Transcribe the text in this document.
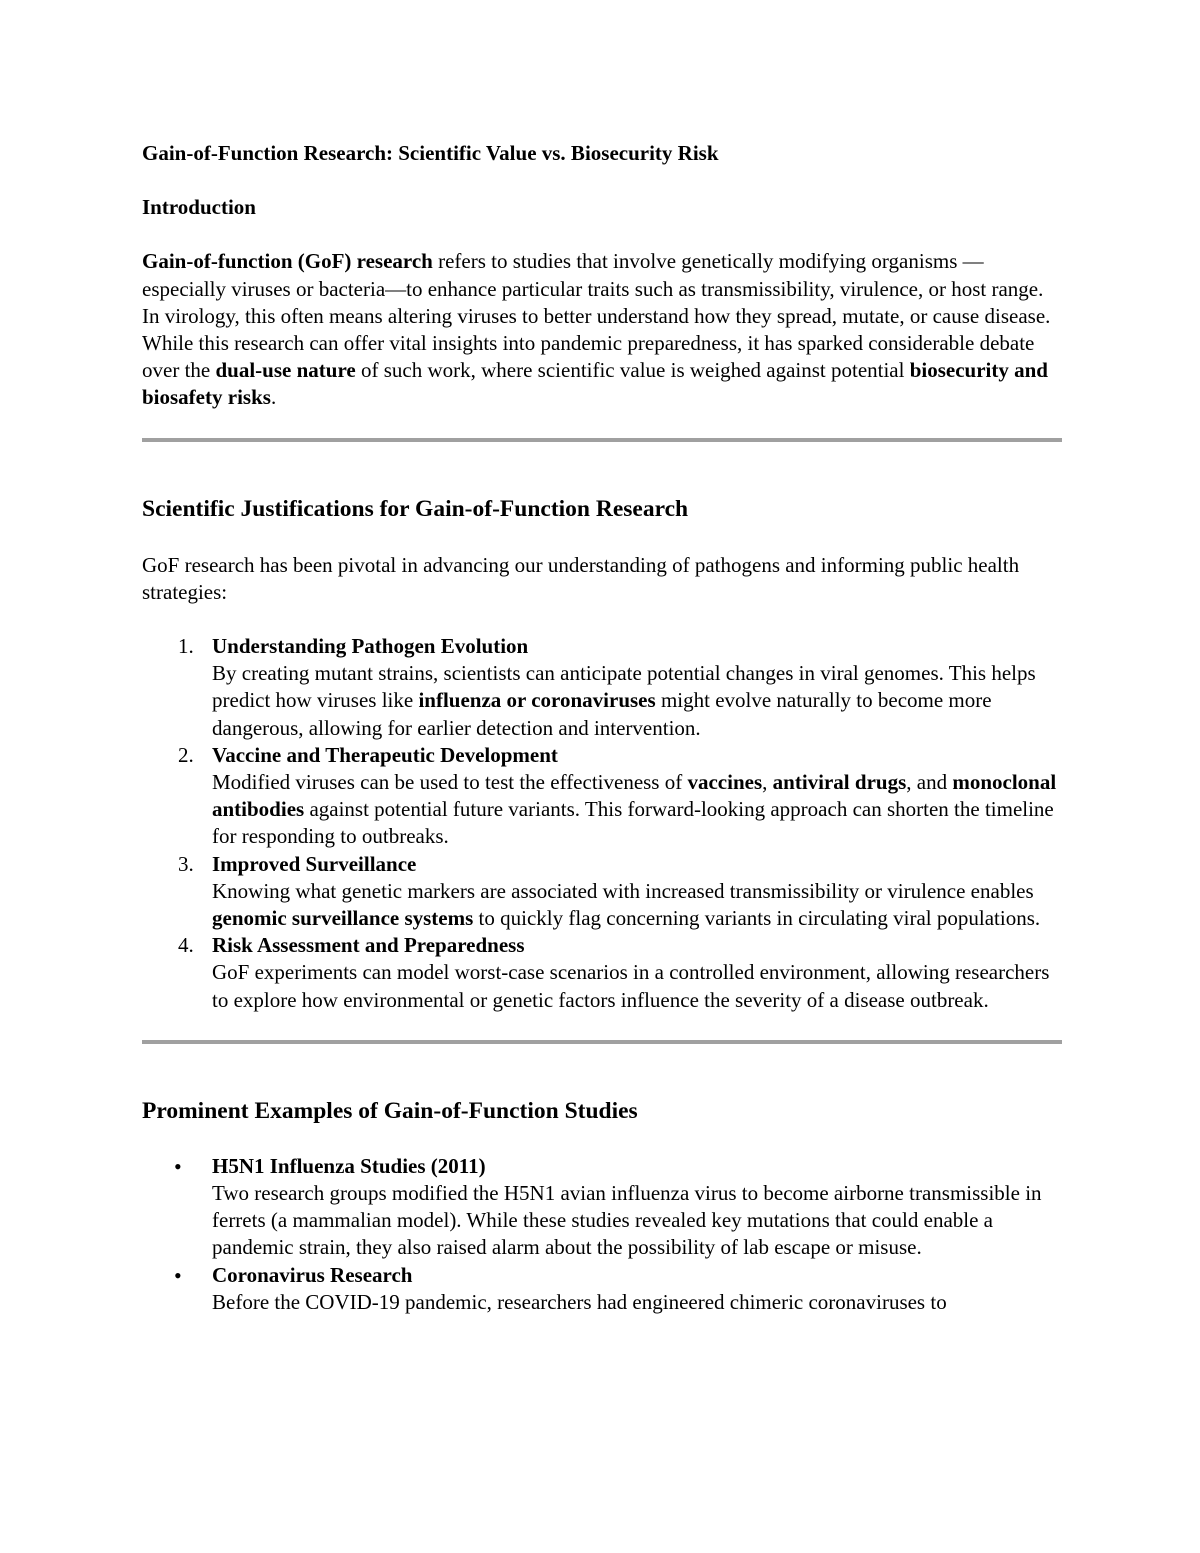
Gain-of-Function Research: Scientific Value vs. Biosecurity Risk

Introduction

Gain-of-function (GoF) research refers to studies that involve genetically modifying organisms —especially viruses or bacteria—to enhance particular traits such as transmissibility, virulence, or host range. In virology, this often means altering viruses to better understand how they spread, mutate, or cause disease. While this research can offer vital insights into pandemic preparedness, it has sparked considerable debate over the dual-use nature of such work, where scientific value is weighed against potential biosecurity and biosafety risks.

Scientific Justifications for Gain-of-Function Research

GoF research has been pivotal in advancing our understanding of pathogens and informing public health strategies:

1. Understanding Pathogen Evolution
By creating mutant strains, scientists can anticipate potential changes in viral genomes. This helps predict how viruses like influenza or coronaviruses might evolve naturally to become more dangerous, allowing for earlier detection and intervention.
2. Vaccine and Therapeutic Development
Modified viruses can be used to test the effectiveness of vaccines, antiviral drugs, and monoclonal antibodies against potential future variants. This forward-looking approach can shorten the timeline for responding to outbreaks.
3. Improved Surveillance
Knowing what genetic markers are associated with increased transmissibility or virulence enables genomic surveillance systems to quickly flag concerning variants in circulating viral populations.
4. Risk Assessment and Preparedness
GoF experiments can model worst-case scenarios in a controlled environment, allowing researchers to explore how environmental or genetic factors influence the severity of a disease outbreak.
Prominent Examples of Gain-of-Function Studies
• H5N1 Influenza Studies (2011)
Two research groups modified the H5N1 avian influenza virus to become airborne transmissible in ferrets (a mammalian model). While these studies revealed key mutations that could enable a pandemic strain, they also raised alarm about the possibility of lab escape or misuse.
• Coronavirus Research
Before the COVID-19 pandemic, researchers had engineered chimeric coronaviruses to
